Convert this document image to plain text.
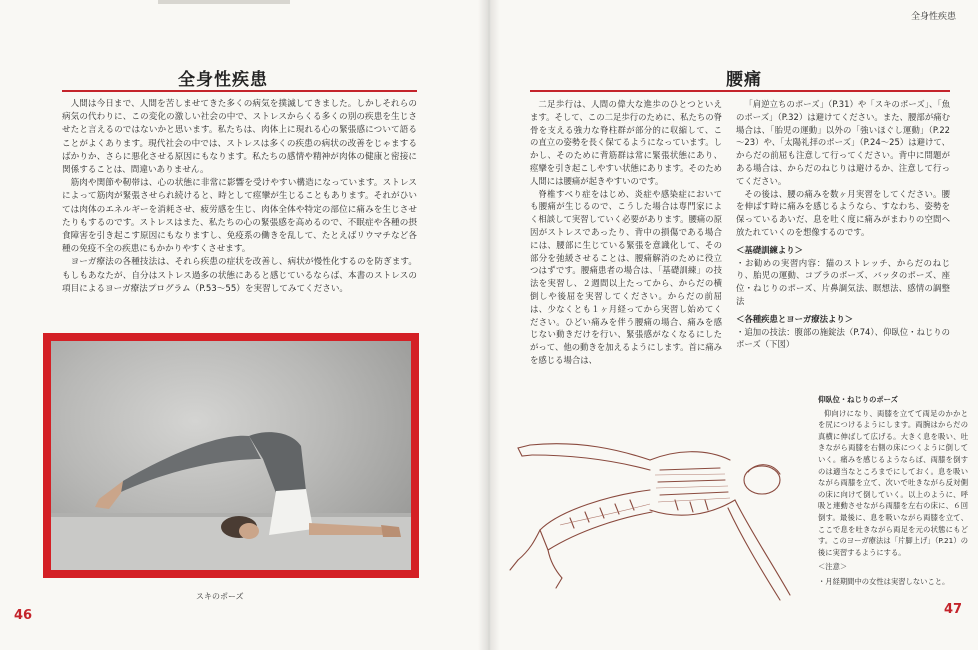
全身性疾患

人間は今日まで、人間を苦しませてきた多くの病気を撲滅してきました。しかしそれらの病気の代わりに、この変化の激しい社会の中で、ストレスからくる多くの別の疾患を生じさせたと言えるのではないかと思います。私たちは、肉体上に現れる心の緊張感について語ることがよくあります。現代社会の中では、ストレスは多くの疾患の病状の改善をじゃまするばかりか、さらに悪化させる原因にもなります。私たちの感情や精神が肉体の健康と密接に関係することは、間違いありません。

筋肉や関節や靭帯は、心の状態に非常に影響を受けやすい構造になっています。ストレスによって筋肉が緊張させられ続けると、時として痙攣が生じることもあります。それがひいては肉体のエネルギーを消耗させ、疲労感を生じ、肉体全体や特定の部位に痛みを生じさせたりもするのです。ストレスはまた、私たちの心の緊張感を高めるので、不眠症や各種の摂食障害を引き起こす原因にもなりますし、免疫系の働きを乱して、たとえばリウマチなど各種の免疫不全の疾患にもかかりやすくさせます。

ヨーガ療法の各種技法は、それら疾患の症状を改善し、病状が慢性化するのを防ぎます。もしもあなたが、自分はストレス過多の状態にあると感じているならば、本書のストレスの項目によるヨーガ療法プログラム（P.53～55）を実習してみてください。

スキのポーズ
46
全身性疾患
腰痛

二足歩行は、人間の偉大な進歩のひとつといえます。そして、この二足歩行のために、私たちの脊骨を支える強力な脊柱群が部分的に収縮して、この直立の姿勢を長く保てるようになっています。しかし、そのために背筋群は常に緊張状態にあり、痙攣を引き起こしやすい状態にあります。そのため人間には腰痛が起きやすいのです。

脊椎すべり症をはじめ、炎症や感染症においても腰痛が生じるので、こうした場合は専門家によく相談して実習していく必要があります。腰痛の原因がストレスであったり、背中の損傷である場合には、腰部に生じている緊張を意識化して、その部分を弛緩させることは、腰痛解消のために役立つはずです。腰痛患者の場合は、「基礎訓練」の技法を実習し、２週間以上たってから、からだの横倒しや後屈を実習してください。からだの前屈は、少なくとも１ヶ月経ってから実習し始めてください。ひどい痛みを伴う腰痛の場合、痛みを感じない動きだけを行い、緊張感がなくなるにしたがって、他の動きを加えるようにします。首に痛みを感じる場合は、

「肩逆立ちのポーズ」（P.31）や「スキのポーズ」、「魚のポーズ」（P.32）は避けてください。また、腰部が痛む場合は、「胎児の運動」以外の「強いほぐし運動」（P.22～23）や、「太陽礼拝のポーズ」（P.24～25）は避けて、からだの前屈も注意して行ってください。背中に問題がある場合は、からだのねじりは避けるか、注意して行ってください。

その後は、腰の痛みを数ヶ月実習をしてください。腰を伸ばす時に痛みを感じるようなら、すなわち、姿勢を保っているあいだ、息を吐く度に痛みがまわりの空間へ放たれていくのを想像するのです。

＜基礎訓練より＞

・お勧めの実習内容：猫のストレッチ、からだのねじり、胎児の運動、コブラのポーズ、バッタのポーズ、座位・ねじりのポーズ、片鼻調気法、瞑想法、感情の調整法

＜各種疾患とヨーガ療法より＞

・追加の技法：腹部の施錠法（P.74）、仰臥位・ねじりのポーズ（下図）

47
仰臥位・ねじりのポーズ

仰向けになり、両膝を立てて両足のかかとを尻につけるようにします。両腕はからだの真横に伸ばして広げる。大きく息を吸い、吐きながら両膝を右側の床につくように倒していく。痛みを感じるようならば、両膝を倒すのは適当なところまでにしておく。息を吸いながら両膝を立て、次いで吐きながら反対側の床に向けて倒していく。以上のように、呼吸と連動させながら両膝を左右の床に、６回倒す。最後に、息を吸いながら両膝を立て、ここで息を吐きながら両足を元の状態にもどす。このヨーガ療法は「片脚上げ」（P.21）の後に実習するようにする。

＜注意＞

・月経期間中の女性は実習しないこと。
